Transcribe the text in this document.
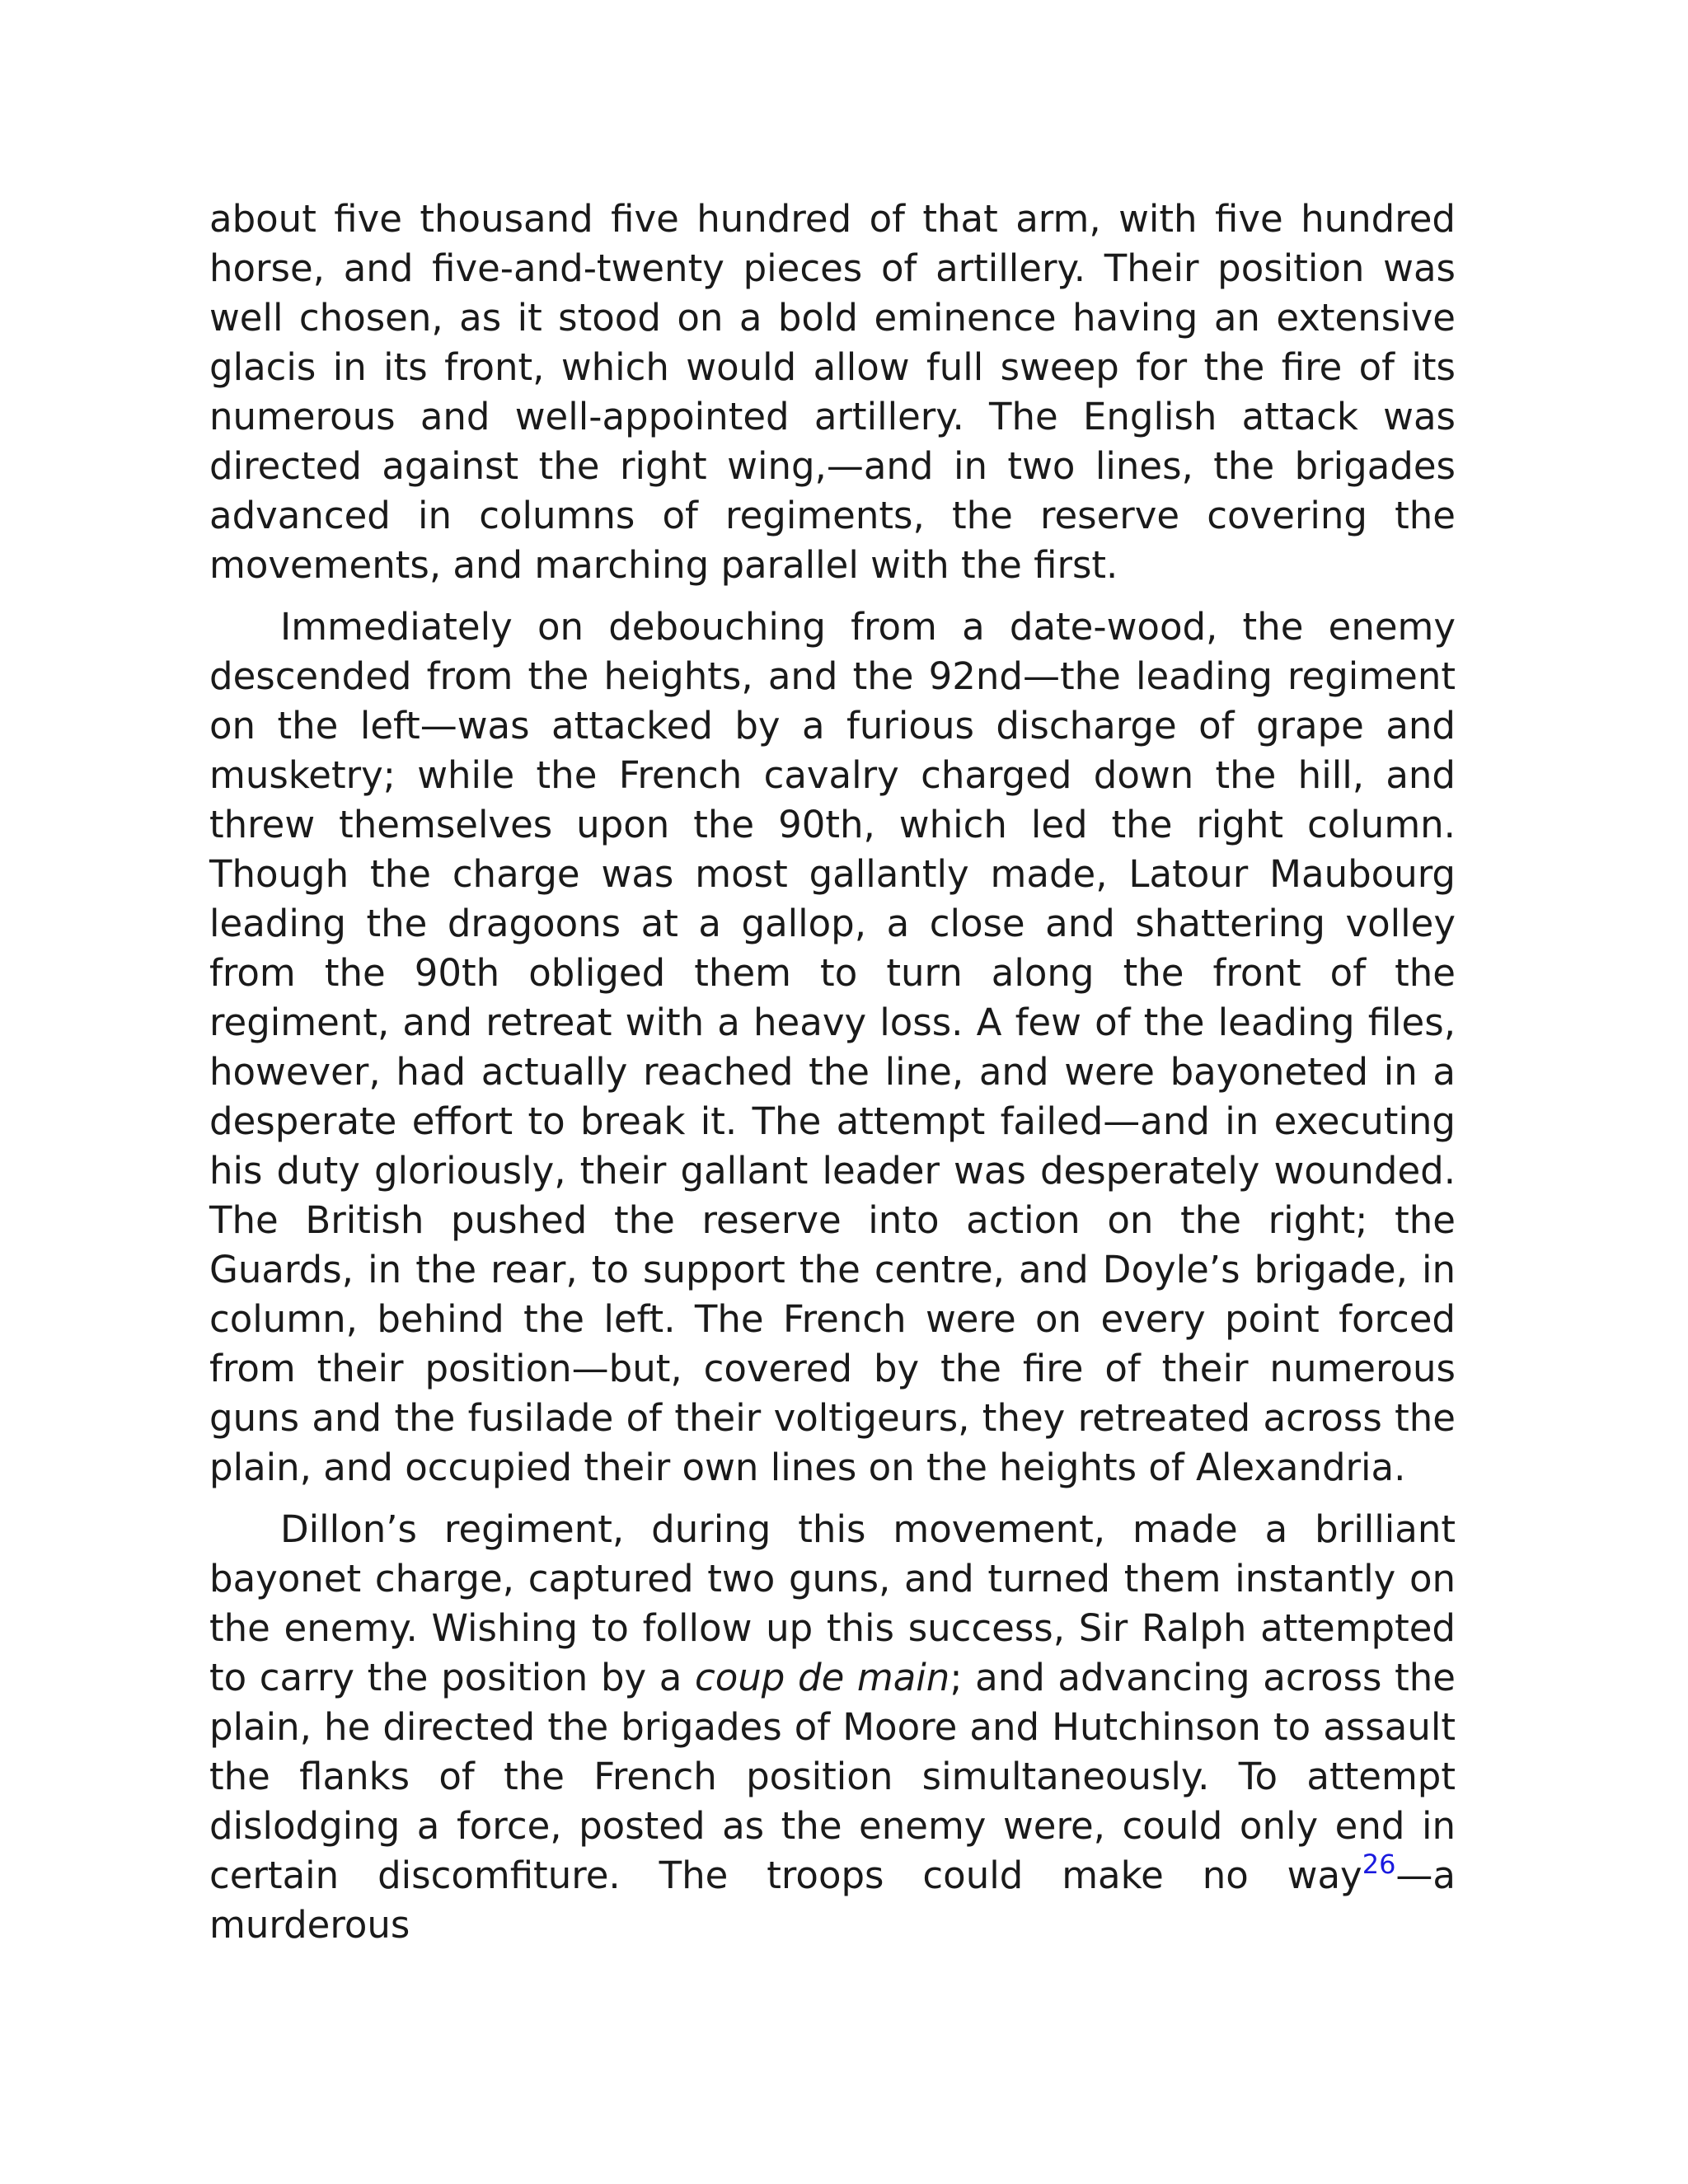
about five thousand five hundred of that arm, with five hundred horse, and five-and-twenty pieces of artillery. Their position was well chosen, as it stood on a bold eminence having an extensive glacis in its front, which would allow full sweep for the fire of its numerous and well-appointed artillery. The English attack was directed against the right wing,—and in two lines, the brigades advanced in columns of regiments, the reserve covering the movements, and marching parallel with the first.

Immediately on debouching from a date-wood, the enemy descended from the heights, and the 92nd—the leading regiment on the left—was attacked by a furious discharge of grape and musketry; while the French cavalry charged down the hill, and threw themselves upon the 90th, which led the right column. Though the charge was most gallantly made, Latour Maubourg leading the dragoons at a gallop, a close and shattering volley from the 90th obliged them to turn along the front of the regiment, and retreat with a heavy loss. A few of the leading files, however, had actually reached the line, and were bayoneted in a desperate effort to break it. The attempt failed—and in executing his duty gloriously, their gallant leader was desperately wounded. The British pushed the reserve into action on the right; the Guards, in the rear, to support the centre, and Doyle’s brigade, in column, behind the left. The French were on every point forced from their position—but, covered by the fire of their numerous guns and the fusilade of their voltigeurs, they retreated across the plain, and occupied their own lines on the heights of Alexandria.

Dillon’s regiment, during this movement, made a brilliant bayonet charge, captured two guns, and turned them instantly on the enemy. Wishing to follow up this success, Sir Ralph attempted to carry the position by a coup de main; and advancing across the plain, he directed the brigades of Moore and Hutchinson to assault the flanks of the French position simultaneously. To attempt dislodging a force, posted as the enemy were, could only end in certain discomfiture. The troops could make no way$^{26}$—a murderous
